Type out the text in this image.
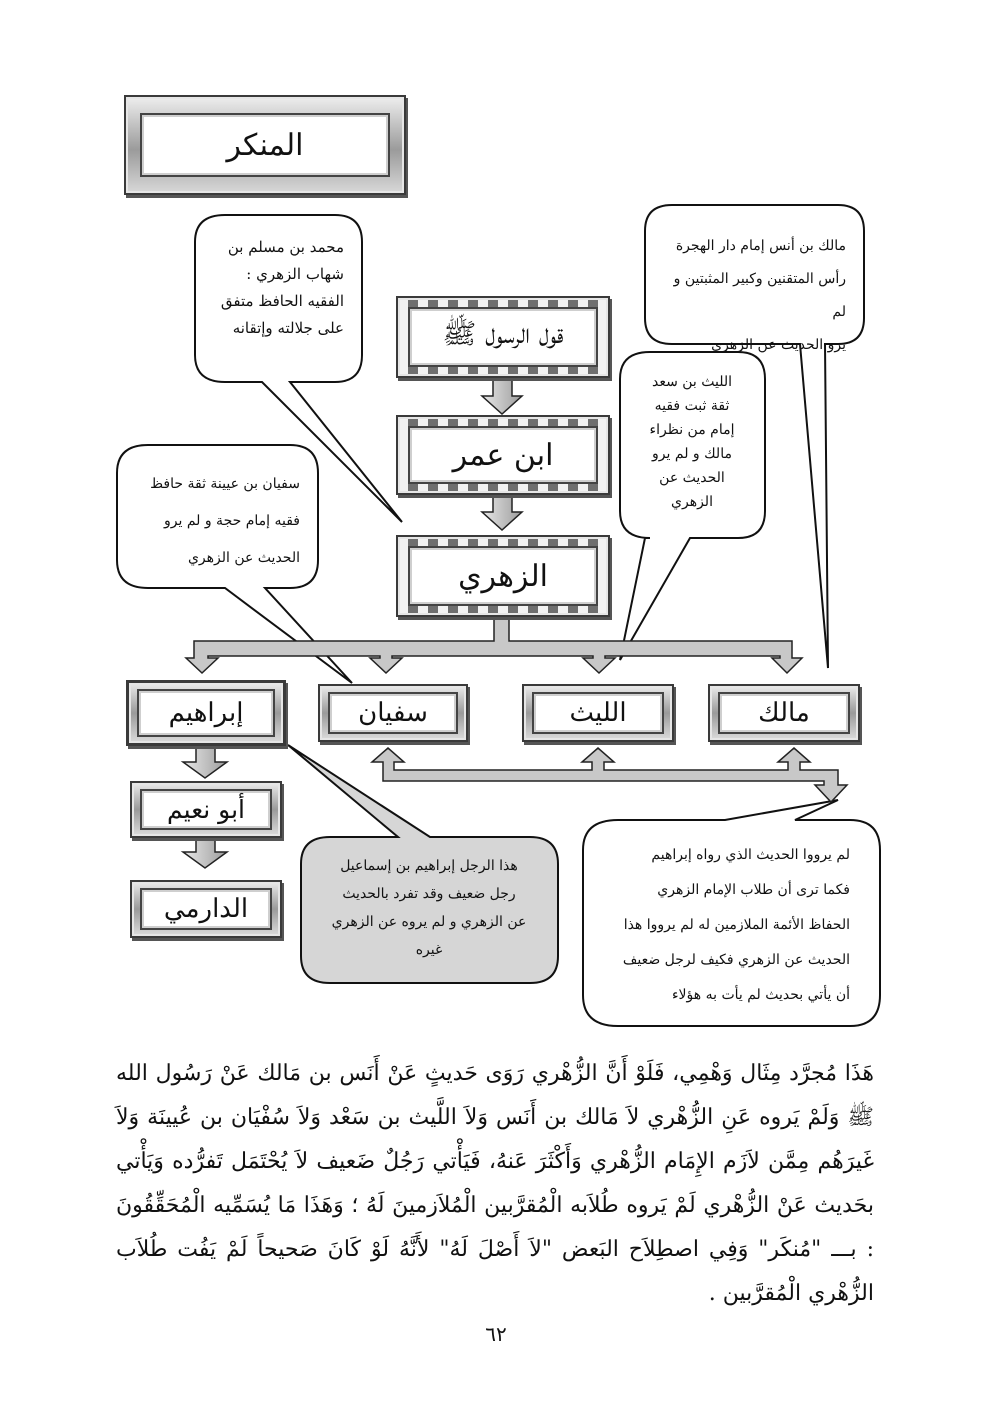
المنكر
قول الرسول ﷺ
ابن عمر
الزهري
مالك
الليث
سفيان
إبراهيم
أبو نعيم
الدارمي
محمد بن مسلم بن
شهاب الزهري :
الفقيه الحافظ متفق
على جلالته وإتقانه
مالك بن أنس إمام دار الهجرة
رأس المتقنين وكبير المثبتين و لم
يرو الحديث عن الزهري
الليث بن سعد
ثقة ثبت فقيه
إمام من نظراء
مالك و لم يرو
الحديث عن
الزهري
سفيان بن عيينة ثقة حافظ
فقيه إمام حجة و لم يرو
الحديث عن الزهري
هذا الرجل إبراهيم بن إسماعيل
رجل ضعيف وقد تفرد بالحديث
عن الزهري و لم يروه عن الزهري
غيره
لم يرووا الحديث الذي رواه إبراهيم
فكما ترى أن طلاب الإمام الزهري
الحفاظ الأئمة الملازمين له لم يرووا هذا
الحديث عن الزهري فكيف لرجل ضعيف
أن يأتي بحديث لم يأت به هؤلاء
هَذَا مُجرَّد مِثَال وَهْمِي، فَلَوْ أَنَّ الزُّهْري رَوَى حَديثٍ عَنْ أَنَس بن مَالك عَنْ رَسُول الله ﷺ وَلَمْ يَروه عَنِ الزُّهْري لاَ مَالك بن أَنَس وَلاَ اللَّيث بن سَعْد وَلاَ سُفْيَان بن عُيينَة وَلاَ غَيرَهُم مِمَّن لاَزَم الإِمَام الزُّهْري وَأَكْثَرَ عَنهُ، فَيَأْتي رَجُلٌ ضَعيف لاَ يُحْتَمَل تَفرُّده وَيَأْتي بحَديث عَنْ الزُّهْري لَمْ يَروه طُلاَبه الْمُقرَّبين الْمُلاَزمينَ لَهُ ؛ وَهَذَا مَا يُسَمِّيه الْمُحَقِّقُونَ : بـــ "مُنكَر" وَفِي اصطِلاَح البَعض "لاَ أَصْلَ لَهُ" لأَنَّهُ لَوْ كَانَ صَحيحاً لَمْ يَفُت طُلاَب الزُّهْري الْمُقرَّبين .
٦٢
